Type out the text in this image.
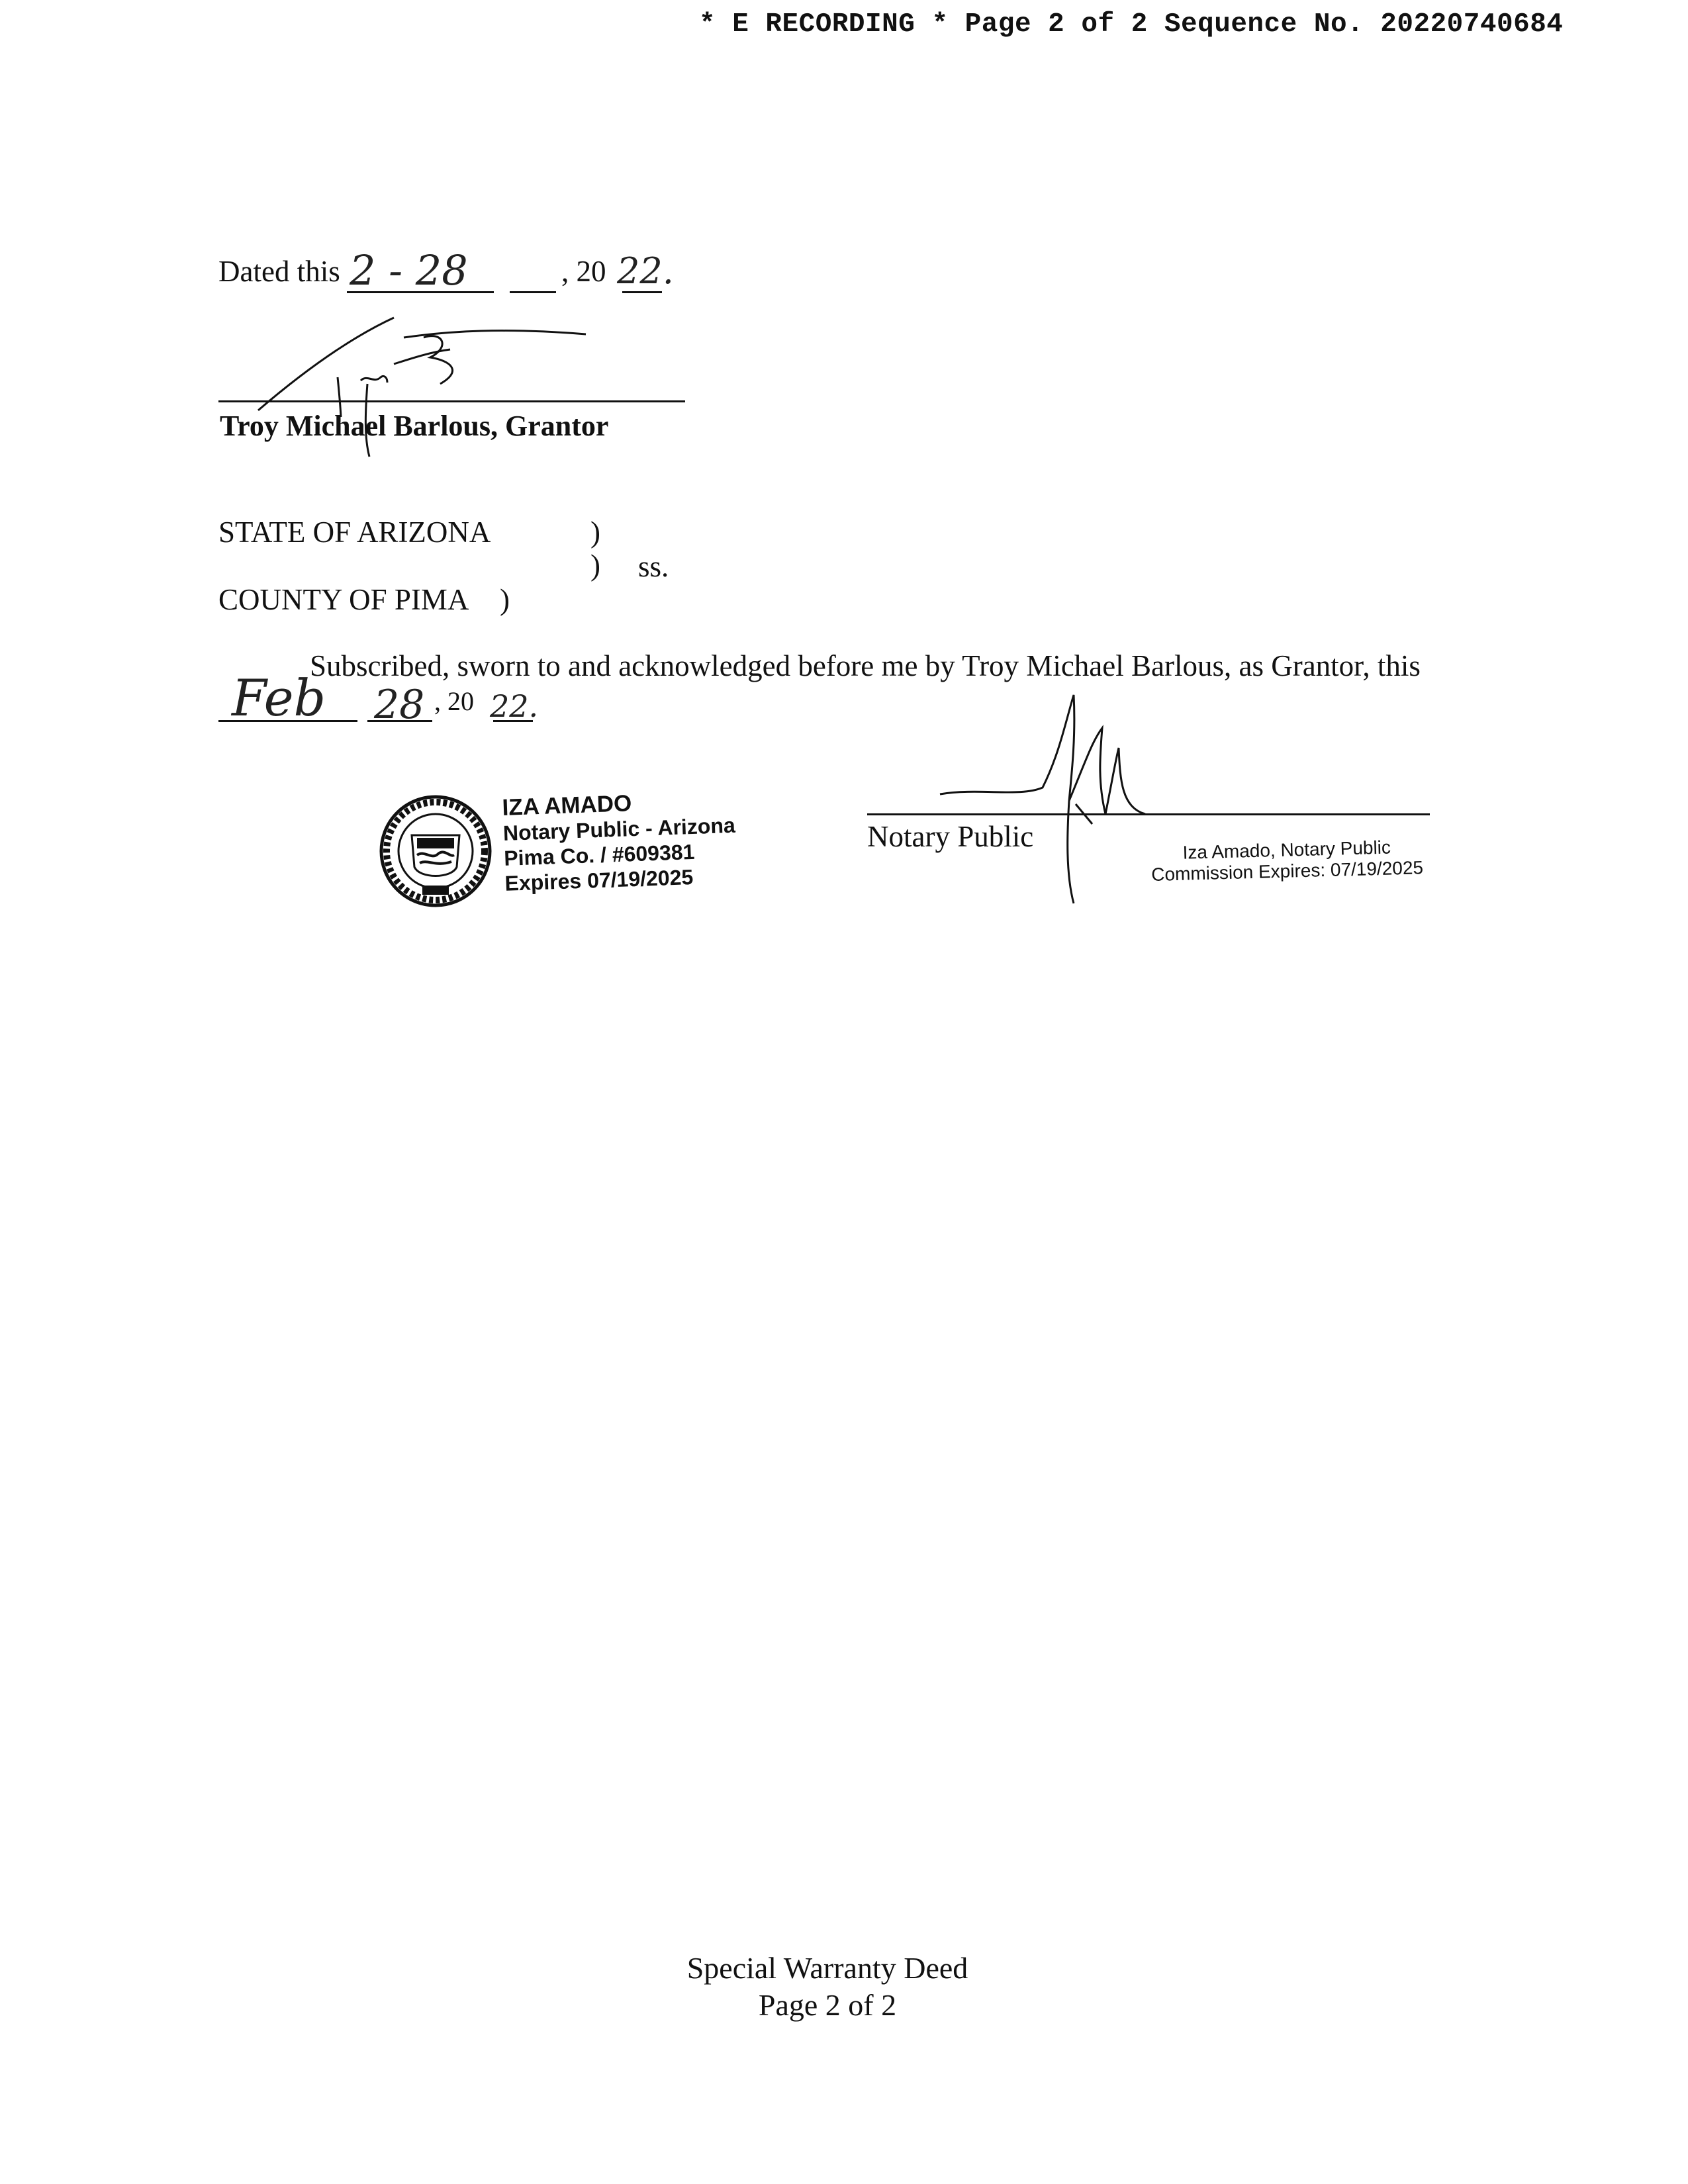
* E RECORDING * Page 2 of 2 Sequence No. 20220740684
Dated this 2 - 28	, 20 22.
Troy Michael Barlous, Grantor
STATE OF ARIZONA	)
) ss.
COUNTY OF PIMA )
Subscribed, sworn to and acknowledged before me by Troy Michael Barlous, as Grantor, this
Feb 28 , 20 22.
IZA AMADO
Notary Public - Arizona
Pima Co. / #609381
Expires 07/19/2025
Notary Public	Iza Amado, Notary Public
Commission Expires: 07/19/2025
Special Warranty Deed
Page 2 of 2
